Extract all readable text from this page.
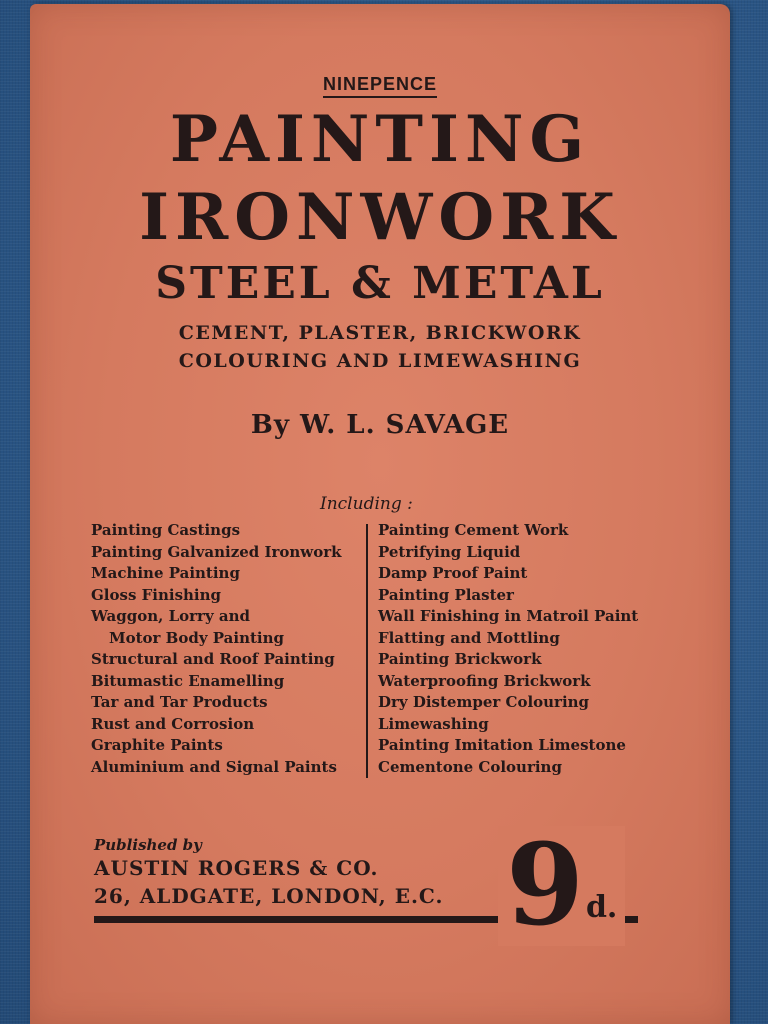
NINEPENCE
PAINTING
IRONWORK
STEEL & METAL
CEMENT, PLASTER, BRICKWORK
COLOURING AND LIMEWASHING
By W. L. SAVAGE
Including :
Painting Castings
Painting Galvanized Ironwork
Machine Painting
Gloss Finishing
Waggon, Lorry and
Motor Body Painting
Structural and Roof Painting
Bitumastic Enamelling
Tar and Tar Products
Rust and Corrosion
Graphite Paints
Aluminium and Signal Paints
Painting Cement Work
Petrifying Liquid
Damp Proof Paint
Painting Plaster
Wall Finishing in Matroil Paint
Flatting and Mottling
Painting Brickwork
Waterproofing Brickwork
Dry Distemper Colouring
Limewashing
Painting Imitation Limestone
Cementone Colouring
Published by
AUSTIN ROGERS & CO.
26, ALDGATE, LONDON, E.C. $9^{d.}$
